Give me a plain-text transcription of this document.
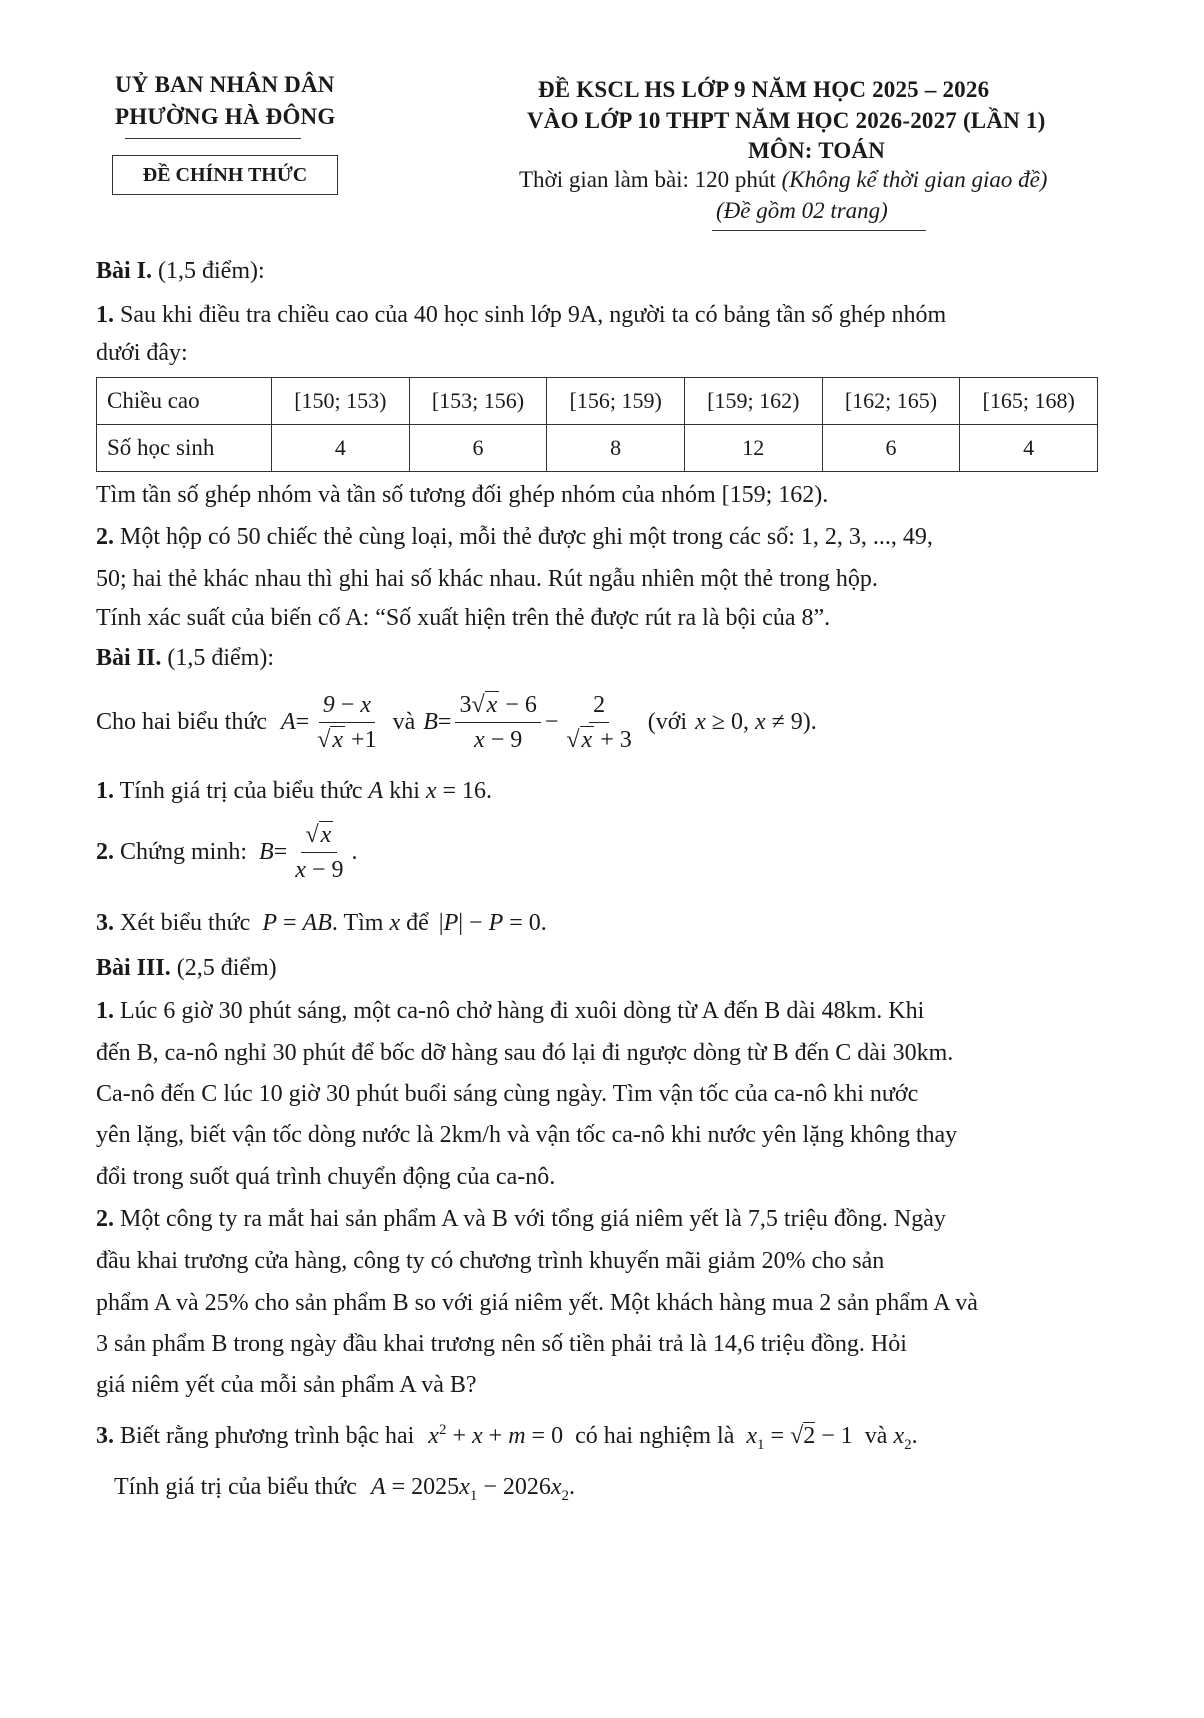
UỶ BAN NHÂN DÂN
PHƯỜNG HÀ ĐÔNG
ĐỀ CHÍNH THỨC
ĐỀ KSCL HS LỚP 9 NĂM HỌC 2025 – 2026
VÀO LỚP 10 THPT NĂM HỌC 2026-2027 (LẦN 1)
MÔN: TOÁN
Thời gian làm bài: 120 phút (Không kể thời gian giao đề)
(Đề gồm 02 trang)
Bài I. (1,5 điểm):
1. Sau khi điều tra chiều cao của 40 học sinh lớp 9A, người ta có bảng tần số ghép nhóm
dưới đây:
Chiều cao	[150; 153)	[153; 156)	[156; 159)	[159; 162)	[162; 165)	[165; 168)
Số học sinh	4	6	8	12	6	4
Tìm tần số ghép nhóm và tần số tương đối ghép nhóm của nhóm [159; 162).
2. Một hộp có 50 chiếc thẻ cùng loại, mỗi thẻ được ghi một trong các số: 1, 2, 3, ..., 49,
50; hai thẻ khác nhau thì ghi hai số khác nhau. Rút ngẫu nhiên một thẻ trong hộp.
Tính xác suất của biến cố A: “Số xuất hiện trên thẻ được rút ra là bội của 8”.
Bài II. (1,5 điểm):
Cho hai biểu thức $A= \frac{9 - x}{√x +1}$ và $B= \frac{3√x - 6}{x - 9} - \frac{2}{√x + 3}$ (với x ≥ 0, x ≠ 9).
1. Tính giá trị của biểu thức A khi x = 16.
2. Chứng minh: $B= \frac{√x}{x - 9}$ .
3. Xét biểu thức P = AB. Tìm x để |P| − P = 0.
Bài III. (2,5 điểm)
1. Lúc 6 giờ 30 phút sáng, một ca-nô chở hàng đi xuôi dòng từ A đến B dài 48km. Khi
đến B, ca-nô nghỉ 30 phút để bốc dỡ hàng sau đó lại đi ngược dòng từ B đến C dài 30km.
Ca-nô đến C lúc 10 giờ 30 phút buổi sáng cùng ngày. Tìm vận tốc của ca-nô khi nước
yên lặng, biết vận tốc dòng nước là 2km/h và vận tốc ca-nô khi nước yên lặng không thay
đổi trong suốt quá trình chuyển động của ca-nô.
2. Một công ty ra mắt hai sản phẩm A và B với tổng giá niêm yết là 7,5 triệu đồng. Ngày
đầu khai trương cửa hàng, công ty có chương trình khuyến mãi giảm 20% cho sản
phẩm A và 25% cho sản phẩm B so với giá niêm yết. Một khách hàng mua 2 sản phẩm A và
3 sản phẩm B trong ngày đầu khai trương nên số tiền phải trả là 14,6 triệu đồng. Hỏi
giá niêm yết của mỗi sản phẩm A và B?
3. Biết rằng phương trình bậc hai $x^2 + x + m = 0$ có hai nghiệm là $x_1 = √2 - 1$ và $x_2$.
Tính giá trị của biểu thức $A = 2025x_1 - 2026x_2$.
